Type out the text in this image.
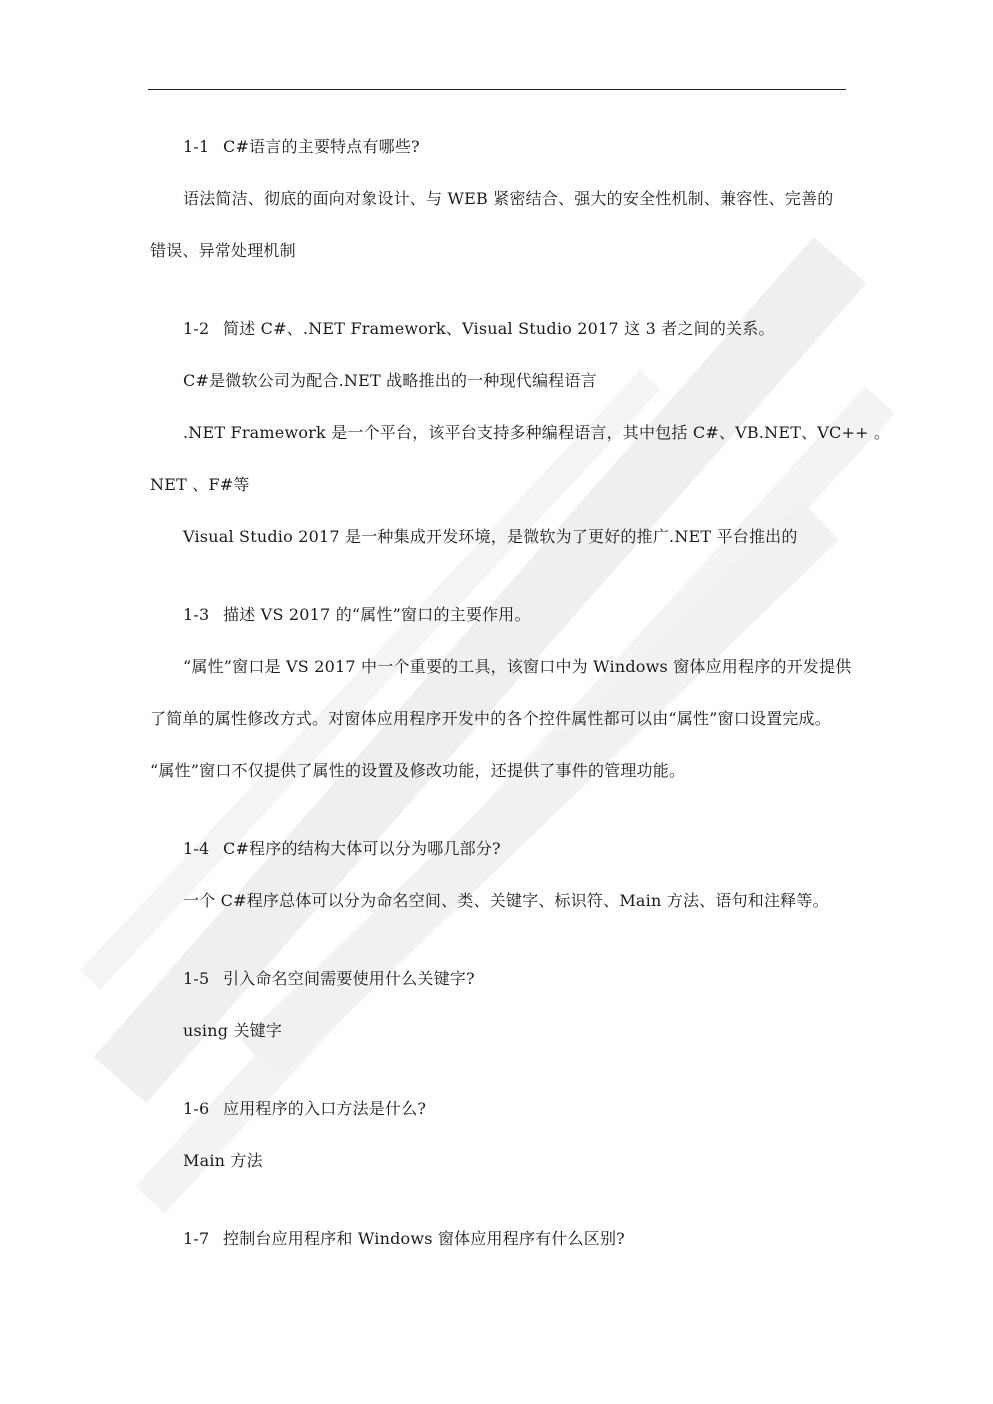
1-1 C#语言的主要特点有哪些?
语法简洁、彻底的面向对象设计、与 WEB 紧密结合、强大的安全性机制、兼容性、完善的
错误、异常处理机制
1-2 简述 C#、.NET Framework、Visual Studio 2017 这 3 者之间的关系。
C#是微软公司为配合.NET 战略推出的一种现代编程语言
.NET Framework 是一个平台，该平台支持多种编程语言，其中包括 C#、VB.NET、VC++ 。
NET 、F#等
Visual Studio 2017 是一种集成开发环境，是微软为了更好的推广.NET 平台推出的
1-3 描述 VS 2017 的“属性”窗口的主要作用。
“属性”窗口是 VS 2017 中一个重要的工具，该窗口中为 Windows 窗体应用程序的开发提供
了简单的属性修改方式。对窗体应用程序开发中的各个控件属性都可以由“属性”窗口设置完成。
“属性”窗口不仅提供了属性的设置及修改功能，还提供了事件的管理功能。
1-4 C#程序的结构大体可以分为哪几部分?
一个 C#程序总体可以分为命名空间、类、关键字、标识符、Main 方法、语句和注释等。
1-5 引入命名空间需要使用什么关键字?
using 关键字
1-6 应用程序的入口方法是什么?
Main 方法
1-7 控制台应用程序和 Windows 窗体应用程序有什么区别?
